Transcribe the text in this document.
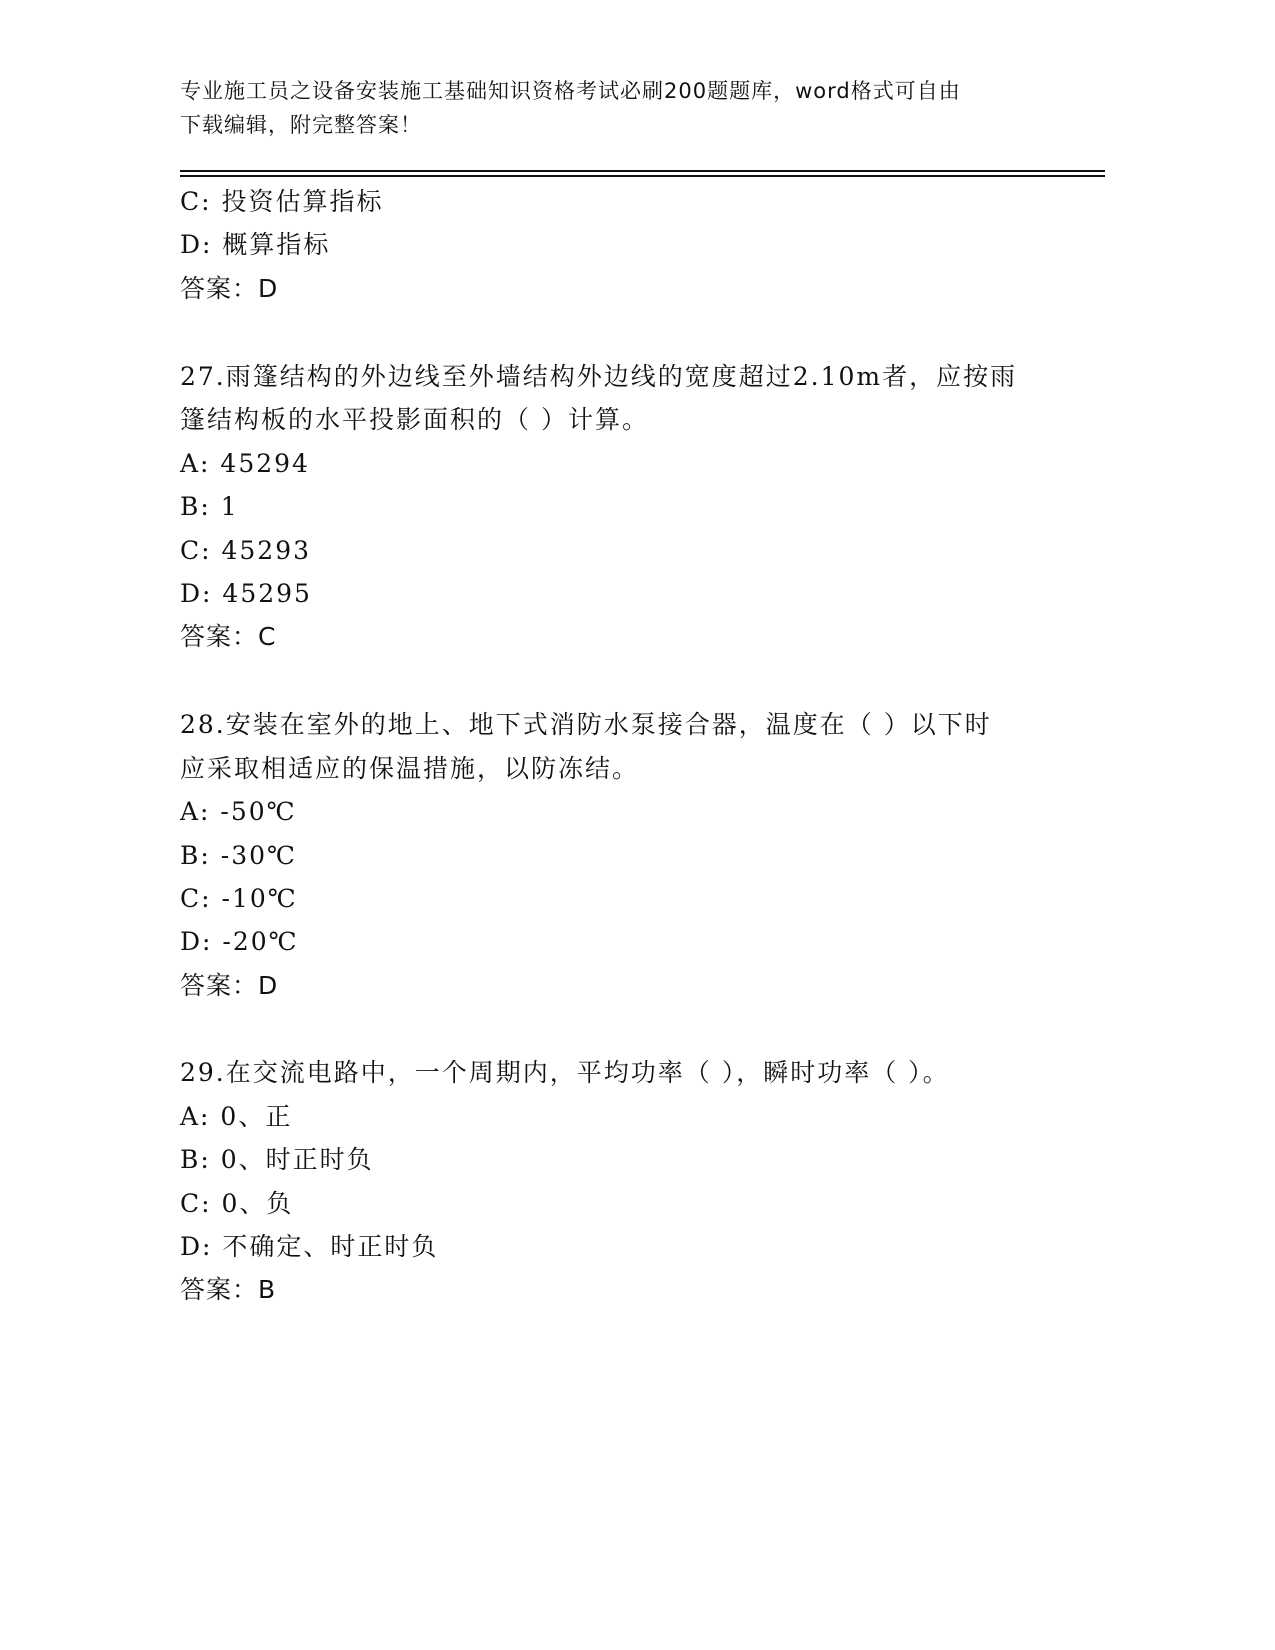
专业施工员之设备安装施工基础知识资格考试必刷200题题库，word格式可自由
下载编辑，附完整答案！
C: 投资估算指标
D: 概算指标
答案：D
27.雨篷结构的外边线至外墙结构外边线的宽度超过2.10m者，应按雨
篷结构板的水平投影面积的（ ）计算。
A: 45294
B: 1
C: 45293
D: 45295
答案：C
28.安装在室外的地上、地下式消防水泵接合器，温度在（ ）以下时
应采取相适应的保温措施，以防冻结。
A: -50℃
B: -30℃
C: -10℃
D: -20℃
答案：D
29.在交流电路中，一个周期内，平均功率（ ），瞬时功率（ ）。
A: 0、正
B: 0、时正时负
C: 0、负
D: 不确定、时正时负
答案：B
